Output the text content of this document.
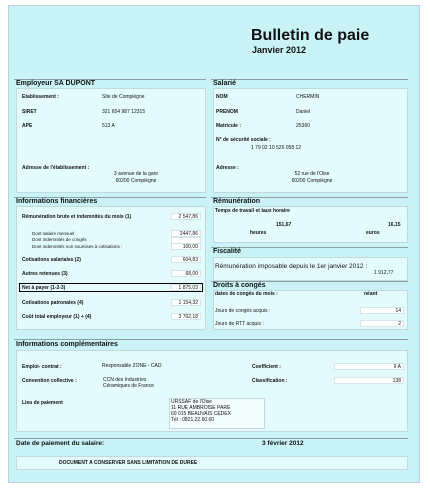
Bulletin de paie
Janvier 2012
Employeur SA DUPONT
Etablissement :	Site de Compiègne
SIRET	321 654 987 12315
APE	513 A
Adresse de l'établissement :
3 avenue de la gare
60200 Compiègne
Salarié
NOM	CHERMIN
PRENOM	Daniel
Matricule :	25360
N° de sécurité sociale :
1 79 02 10 526 058 12
Adresse :
52 rue de l'Oise
60200 Compiègne
Informations financières
Rémunération brute et indemnités du mois (1)	2 547,86
Dont salaire mensuel	2447,86
Dont indemnités de congés
Dont indemnités non soumises à cotisations :	100,00
Cotisations salariales (2)	604,83
Autres retenues (3)	68,00
Net à payer (1-2-3)	1 875,03
Cotisations patronales (4)	1 154,32
Coût total employeur (1) + (4)	3 702,18
Rémunération
Temps de travail et taux horaire
151,67
heures
16,15
euros
Fiscalité
Rémunération imposable depuis le 1er janvier 2012 :
1 912,77
Droits à congés
dates de congés du mois :	néant
Jours de congés acquis :	14
Jours de RTT acquis :	2
Informations complémentaires
Emploi- contrat :	Responsable ZONE - CAD	Coefficient :	II A
Convention collective :	CCN des Industries
Céramiques de France
Classification :	138
Lieu de paiement	URSSAF de l'Oise
11 RUE AMBROISE PARE
60 015 BEAUVAIS CEDEX
Tél : 0821.22.60.60
Date de paiement du salaire:	3 février 2012
DOCUMENT A CONSERVER SANS LIMITATION DE DUREE
